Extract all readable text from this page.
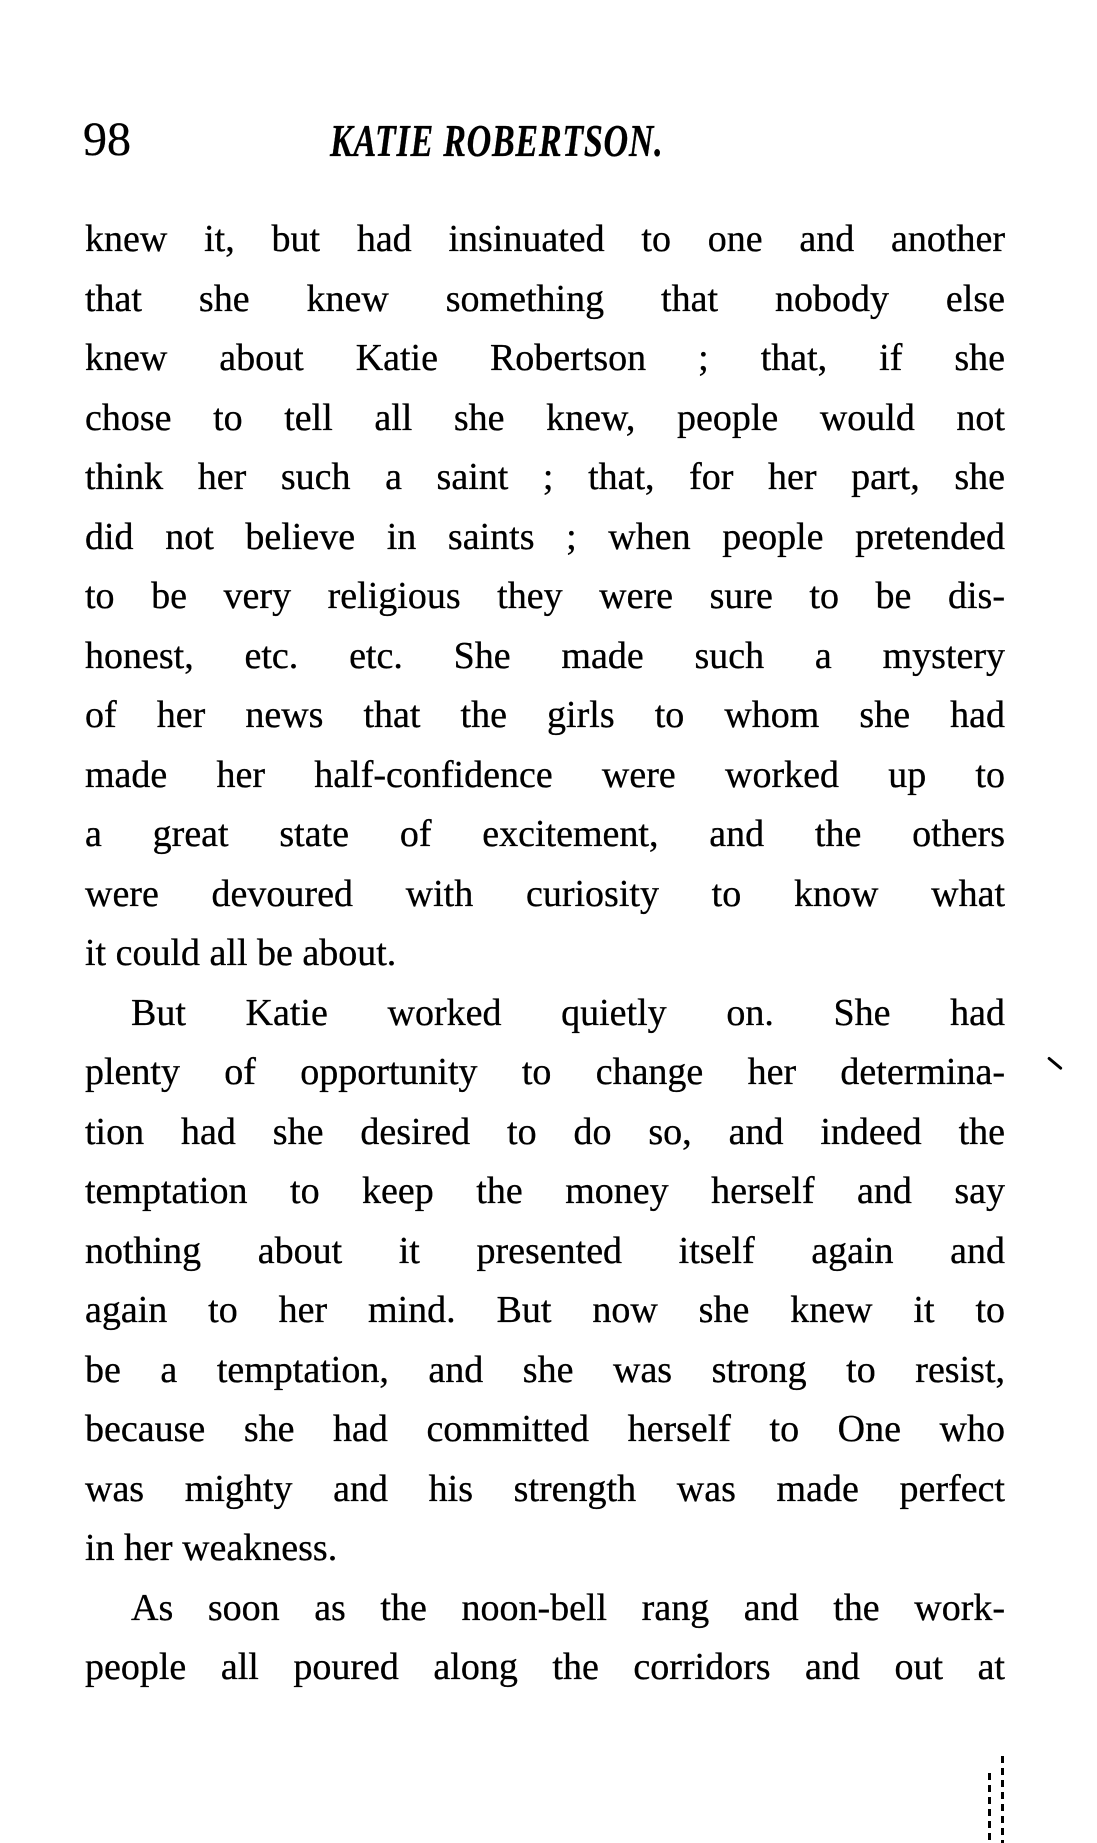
98	KATIE ROBERTSON.
knew it, but had insinuated to one and another
that she knew something that nobody else
knew about Katie Robertson ; that, if she
chose to tell all she knew, people would not
think her such a saint ; that, for her part, she
did not believe in saints ; when people pretended
to be very religious they were sure to be dis-
honest, etc. etc. She made such a mystery
of her news that the girls to whom she had
made her half-confidence were worked up to
a great state of excitement, and the others
were devoured with curiosity to know what
it could all be about.
But Katie worked quietly on. She had
plenty of opportunity to change her determina-
tion had she desired to do so, and indeed the
temptation to keep the money herself and say
nothing about it presented itself again and
again to her mind. But now she knew it to
be a temptation, and she was strong to resist,
because she had committed herself to One who
was mighty and his strength was made perfect
in her weakness.
As soon as the noon-bell rang and the work-
people all poured along the corridors and out at
